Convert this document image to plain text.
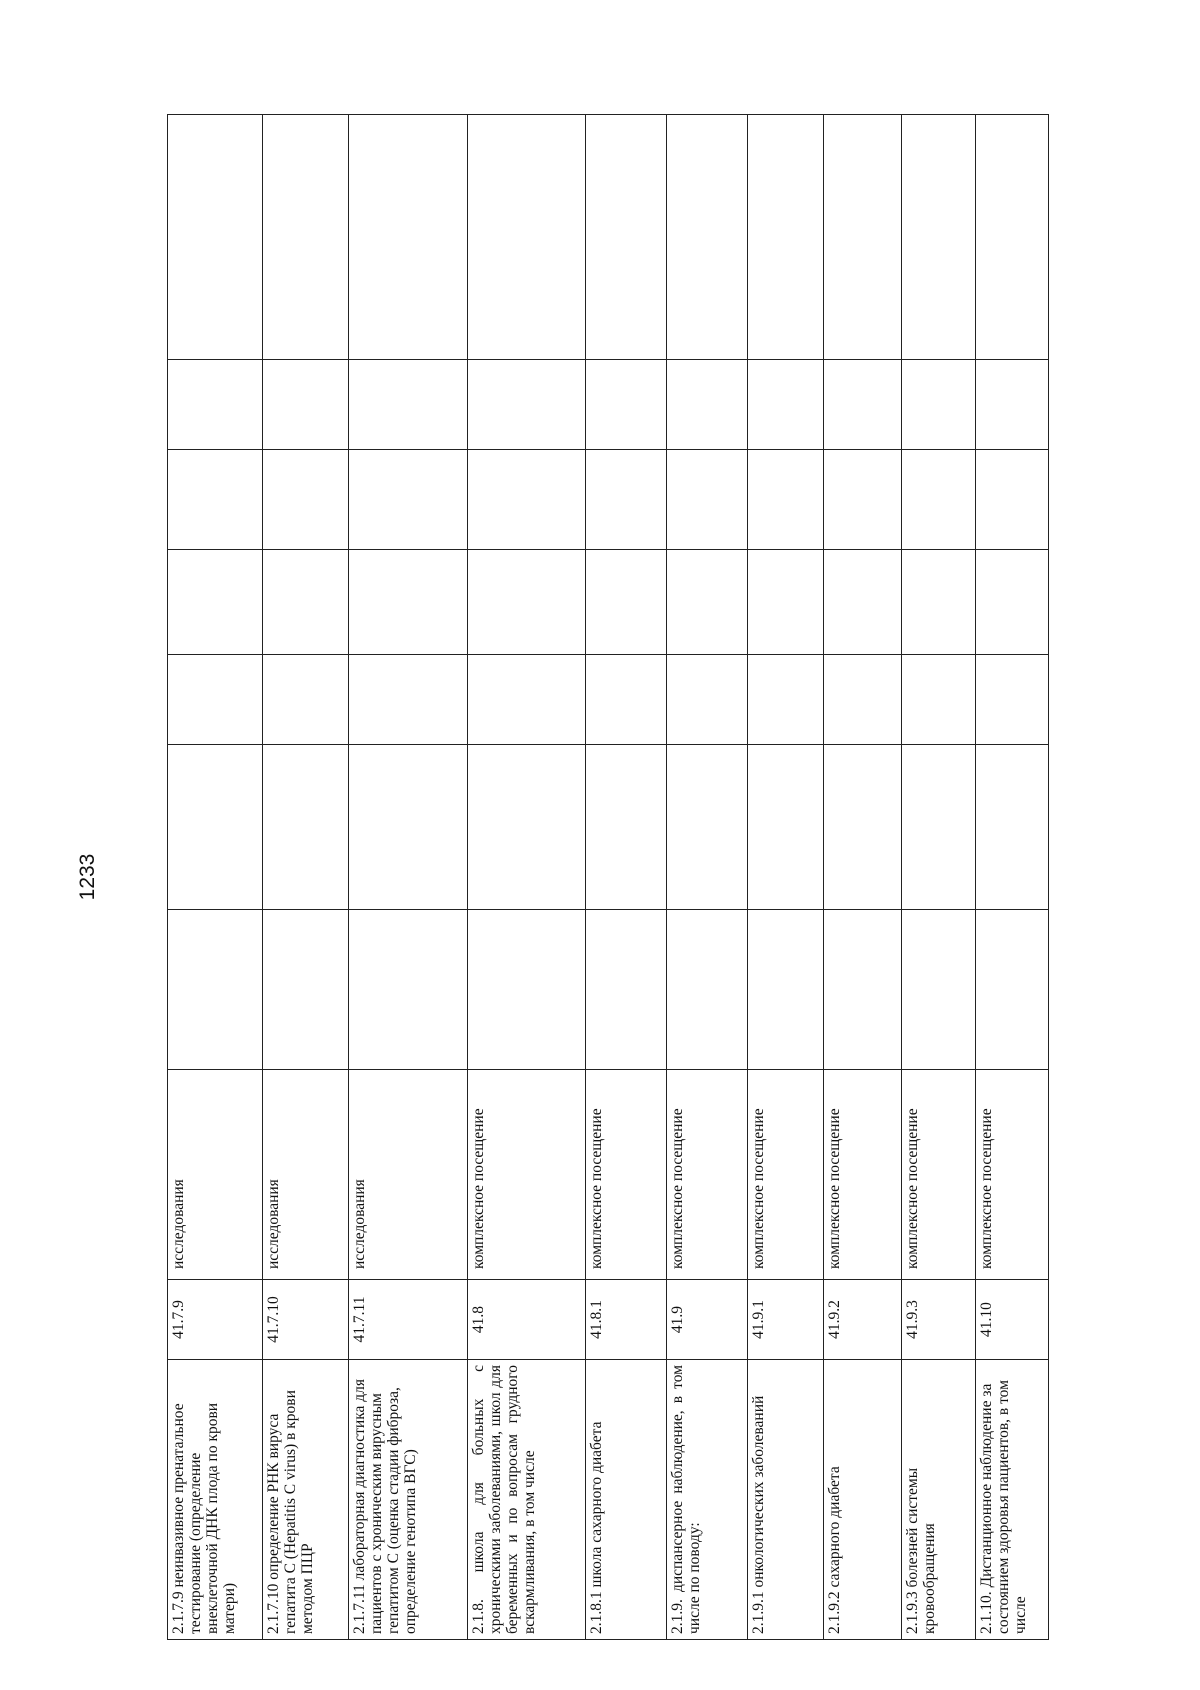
1233
2.1.7.9 неинвазивное пренатальное тестирование (определение внеклеточной ДНК плода по крови матери)	41.7.9	исследования							
2.1.7.10 определение РНК вируса гепатита С (Hepatitis C virus) в крови методом ПЦР	41.7.10	исследования							
2.1.7.11 лабораторная диагностика для пациентов с хроническим вирусным гепатитом С (оценка стадии фиброза, определение генотипа ВГС)	41.7.11	исследования							
2.1.8. школа для больных с хроническими заболеваниями, школ для беременных и по вопросам грудного вскармливания, в том числе	41.8	комплексное посещение							
2.1.8.1 школа сахарного диабета	41.8.1	комплексное посещение							
2.1.9. диспансерное наблюдение, в том числе по поводу:	41.9	комплексное посещение							
2.1.9.1 онкологических заболеваний	41.9.1	комплексное посещение							
2.1.9.2 сахарного диабета	41.9.2	комплексное посещение							
2.1.9.3 болезней системы кровообращения	41.9.3	комплексное посещение							
2.1.10. Дистанционное наблюдение за состоянием здоровья пациентов, в том числе	41.10	комплексное посещение							
